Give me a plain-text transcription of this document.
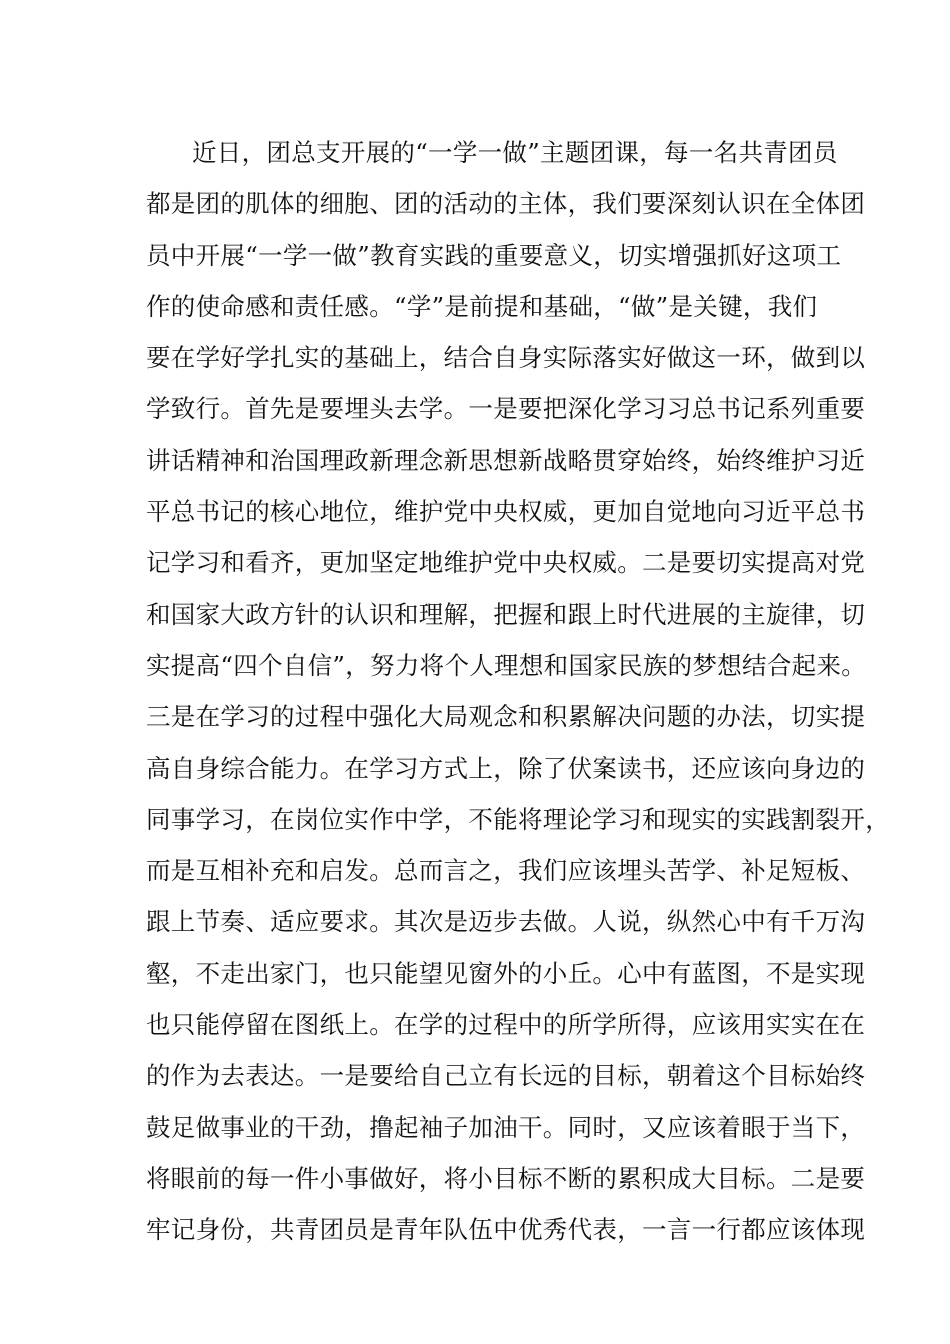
近日，团总支开展的“一学一做”主题团课，每一名共青团员
都是团的肌体的细胞、团的活动的主体，我们要深刻认识在全体团
员中开展“一学一做”教育实践的重要意义，切实增强抓好这项工
作的使命感和责任感。“学”是前提和基础，“做”是关键，我们
要在学好学扎实的基础上，结合自身实际落实好做这一环，做到以
学致行。首先是要埋头去学。一是要把深化学习习总书记系列重要
讲话精神和治国理政新理念新思想新战略贯穿始终，始终维护习近
平总书记的核心地位，维护党中央权威，更加自觉地向习近平总书
记学习和看齐，更加坚定地维护党中央权威。二是要切实提高对党
和国家大政方针的认识和理解，把握和跟上时代进展的主旋律，切
实提高“四个自信”，努力将个人理想和国家民族的梦想结合起来。
三是在学习的过程中强化大局观念和积累解决问题的办法，切实提
高自身综合能力。在学习方式上，除了伏案读书，还应该向身边的
同事学习，在岗位实作中学，不能将理论学习和现实的实践割裂开，
而是互相补充和启发。总而言之，我们应该埋头苦学、补足短板、
跟上节奏、适应要求。其次是迈步去做。人说，纵然心中有千万沟
壑，不走出家门，也只能望见窗外的小丘。心中有蓝图，不是实现
也只能停留在图纸上。在学的过程中的所学所得，应该用实实在在
的作为去表达。一是要给自己立有长远的目标，朝着这个目标始终
鼓足做事业的干劲，撸起袖子加油干。同时，又应该着眼于当下，
将眼前的每一件小事做好，将小目标不断的累积成大目标。二是要
牢记身份，共青团员是青年队伍中优秀代表，一言一行都应该体现
